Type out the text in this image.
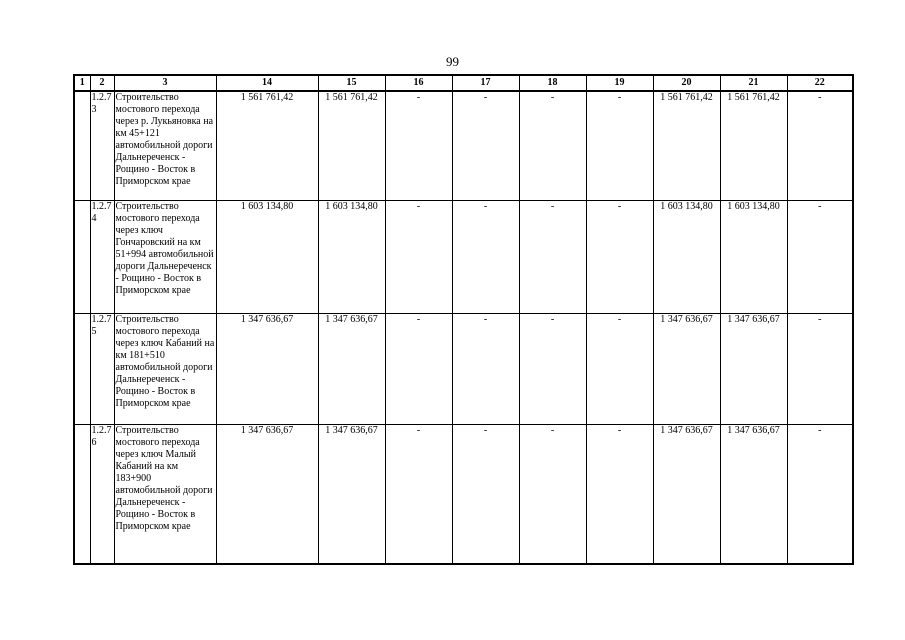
99
1	2	3	14	15	16	17	18	19	20	21	22
	1.2.7 3	Строительство мостового перехода через р. Лукьяновка на км 45+121 автомобильной дороги Дальнереченск - Рощино - Восток в Приморском крае	1 561 761,42	1 561 761,42	-	-	-	-	1 561 761,42	1 561 761,42	-
	1.2.7 4	Строительство мостового перехода через ключ Гончаровский на км 51+994 автомобильной дороги Дальнереченск - Рощино - Восток в Приморском крае	1 603 134,80	1 603 134,80	-	-	-	-	1 603 134,80	1 603 134,80	-
	1.2.7 5	Строительство мостового перехода через ключ Кабаний на км 181+510 автомобильной дороги Дальнереченск - Рощино - Восток в Приморском крае	1 347 636,67	1 347 636,67	-	-	-	-	1 347 636,67	1 347 636,67	-
	1.2.7 6	Строительство мостового перехода через ключ Малый Кабаний на км 183+900 автомобильной дороги Дальнереченск - Рощино - Восток в Приморском крае	1 347 636,67	1 347 636,67	-	-	-	-	1 347 636,67	1 347 636,67	-
